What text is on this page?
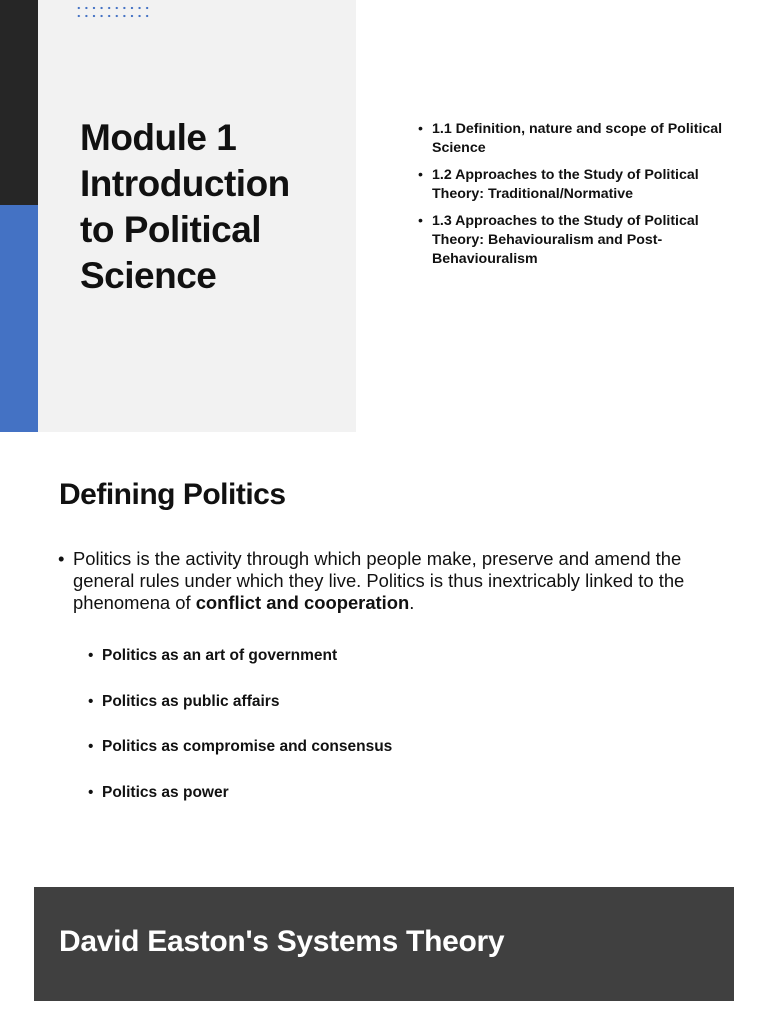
Module 1
Introduction
to Political
Science
• 1.1 Definition, nature and scope of Political Science
• 1.2 Approaches to the Study of Political Theory: Traditional/Normative
• 1.3 Approaches to the Study of Political Theory: Behaviouralism and Post-Behaviouralism
Defining Politics
• Politics is the activity through which people make, preserve and amend the general rules under which they live. Politics is thus inextricably linked to the phenomena of conflict and cooperation.
• Politics as an art of government
• Politics as public affairs
• Politics as compromise and consensus
• Politics as power
David Easton's Systems Theory
